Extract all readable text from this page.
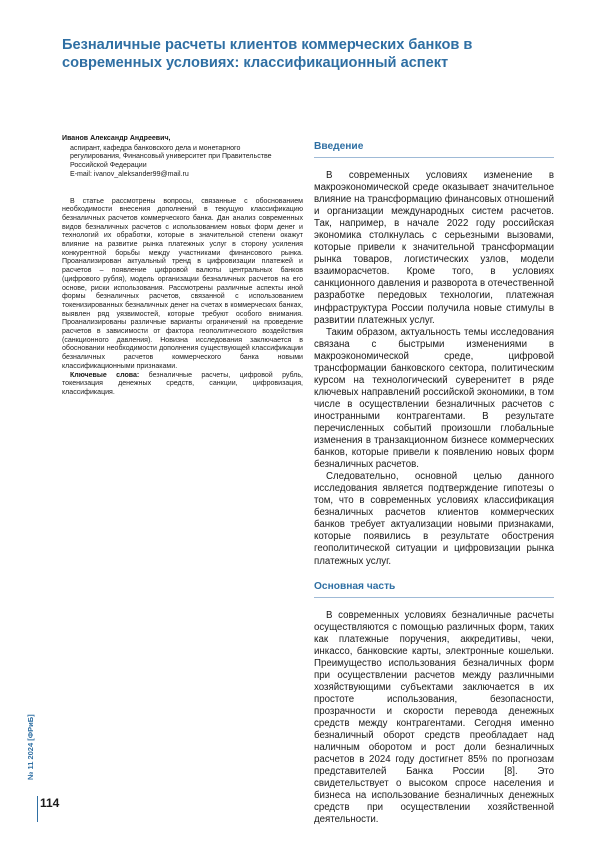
Безналичные расчеты клиентов коммерческих банков в современных условиях: классификационный аспект

Иванов Александр Андреевич,

аспирант, кафедра банковского дела и монетарного

регулирования, Финансовый университет при Правительстве

Российской Федерации

E-mail: ivanov_aleksander99@mail.ru

В статье рассмотрены вопросы, связанные с обоснованием необходимости внесения дополнений в текущую классификацию безналичных расчетов коммерческого банка. Дан анализ современных видов безналичных расчетов с использованием новых форм денег и технологий их обработки, которые в значительной степени окажут влияние на развитие рынка платежных услуг в сторону усиления конкурентной борьбы между участниками финансового рынка. Проанализирован актуальный тренд в цифровизации платежей и расчетов – появление цифровой валюты центральных банков (цифрового рубля), модель организации безналичных расчетов на его основе, риски использования. Рассмотрены различные аспекты иной формы безналичных расчетов, связанной с использованием токенизированных безналичных денег на счетах в коммерческих банках, выявлен ряд уязвимостей, которые требуют особого внимания. Проанализированы различные варианты ограничений на проведение расчетов в зависимости от фактора геополитического воздействия (санкционного давления). Новизна исследования заключается в обосновании необходимости дополнения существующей классификации безналичных расчетов коммерческого банка новыми классификационными признаками.

Ключевые слова: безналичные расчеты, цифровой рубль, токенизация денежных средств, санкции, цифровизация, классификация.

Введение

В современных условиях изменение в макроэкономической среде оказывает значительное влияние на трансформацию финансовых отношений и организации международных систем расчетов. Так, например, в начале 2022 году российская экономика столкнулась с серьезными вызовами, которые привели к значительной трансформации рынка товаров, логистических узлов, модели взаиморасчетов. Кроме того, в условиях санкционного давления и разворота в отечественной разработке передовых технологии, платежная инфраструктура России получила новые стимулы в развитии платежных услуг.

Таким образом, актуальность темы исследования связана с быстрыми изменениями в макроэкономической среде, цифровой трансформации банковского сектора, политическим курсом на технологический суверенитет в ряде ключевых направлений российской экономики, в том числе в осуществлении безналичных расчетов с иностранными контрагентами. В результате перечисленных событий произошли глобальные изменения в транзакционном бизнесе коммерческих банков, которые привели к появлению новых форм безналичных расчетов.

Следовательно, основной целью данного исследования является подтверждение гипотезы о том, что в современных условиях классификация безналичных расчетов клиентов коммерческих банков требует актуализации новыми признаками, которые появились в результате обострения геополитической ситуации и цифровизации рынка платежных услуг.

Основная часть

В современных условиях безналичные расчеты осуществляются с помощью различных форм, таких как платежные поручения, аккредитивы, чеки, инкассо, банковские карты, электронные кошельки. Преимущество использования безналичных форм при осуществлении расчетов между различными хозяйствующими субъектами заключается в их простоте использования, безопасности, прозрачности и скорости перевода денежных средств между контрагентами. Сегодня именно безналичный оборот средств преобладает над наличным оборотом и рост доли безналичных расчетов в 2024 году достигнет 85% по прогнозам представителей Банка России [8]. Это свидетельствует о высоком спросе населения и бизнеса на использование безналичных денежных средств при осуществлении хозяйственной деятельности.

№ 11 2024 [ФРиБ]
114
